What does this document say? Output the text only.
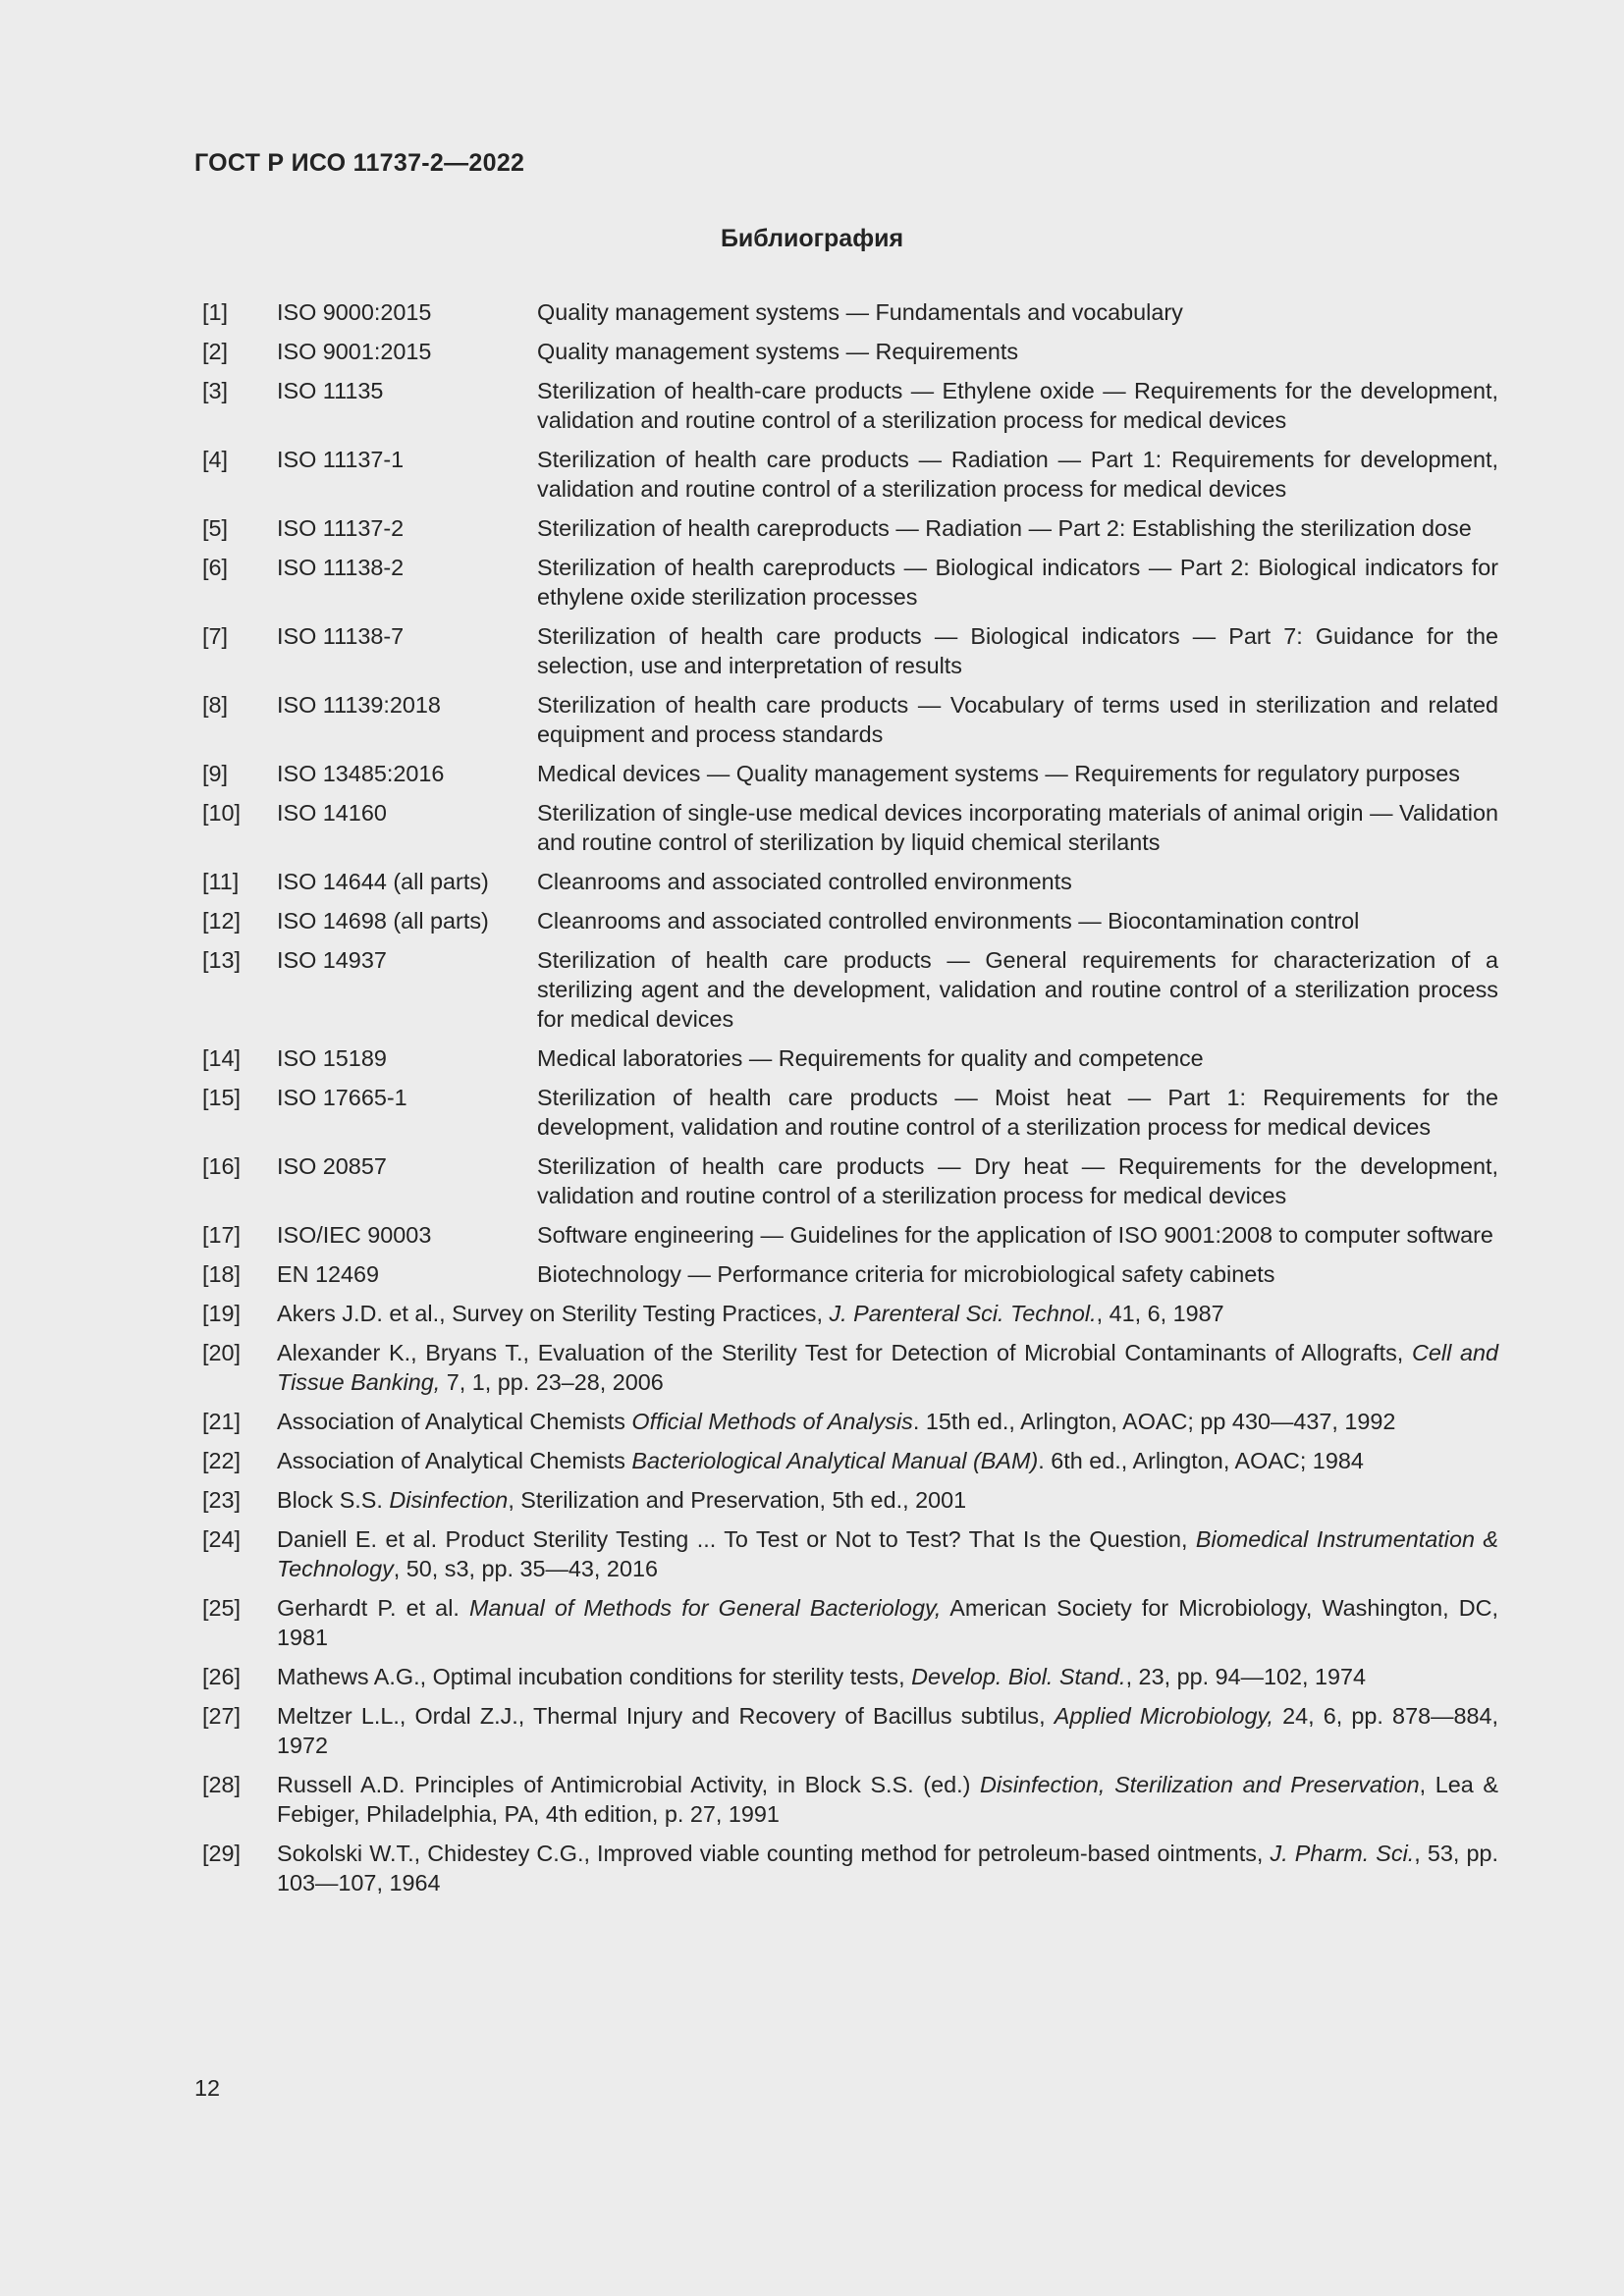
ГОСТ Р ИСО 11737-2—2022
Библиография
[1]	ISO 9000:2015	Quality management systems — Fundamentals and vocabulary
[2]	ISO 9001:2015	Quality management systems — Requirements
[3]	ISO 11135	Sterilization of health-care products — Ethylene oxide — Requirements for the development, validation and routine control of a sterilization process for medical devices
[4]	ISO 11137-1	Sterilization of health care products — Radiation — Part 1: Requirements for development, validation and routine control of a sterilization process for medical devices
[5]	ISO 11137-2	Sterilization of health careproducts — Radiation — Part 2: Establishing the sterilization dose
[6]	ISO 11138-2	Sterilization of health careproducts — Biological indicators — Part 2: Biological indicators for ethylene oxide sterilization processes
[7]	ISO 11138-7	Sterilization of health care products — Biological indicators — Part 7: Guidance for the selection, use and interpretation of results
[8]	ISO 11139:2018	Sterilization of health care products — Vocabulary of terms used in sterilization and related equipment and process standards
[9]	ISO 13485:2016	Medical devices — Quality management systems — Requirements for regulatory purposes
[10]	ISO 14160	Sterilization of single-use medical devices incorporating materials of animal origin — Validation and routine control of sterilization by liquid chemical sterilants
[11]	ISO 14644 (all parts)	Cleanrooms and associated controlled environments
[12]	ISO 14698 (all parts)	Cleanrooms and associated controlled environments — Biocontamination control
[13]	ISO 14937	Sterilization of health care products — General requirements for characterization of a sterilizing agent and the development, validation and routine control of a sterilization process for medical devices
[14]	ISO 15189	Medical laboratories — Requirements for quality and competence
[15]	ISO 17665-1	Sterilization of health care products — Moist heat — Part 1: Requirements for the development, validation and routine control of a sterilization process for medical devices
[16]	ISO 20857	Sterilization of health care products — Dry heat — Requirements for the development, validation and routine control of a sterilization process for medical devices
[17]	ISO/IEC 90003	Software engineering — Guidelines for the application of ISO 9001:2008 to computer software
[18]	EN 12469	Biotechnology — Performance criteria for microbiological safety cabinets
[19]	Akers J.D. et al., Survey on Sterility Testing Practices, J. Parenteral Sci. Technol., 41, 6, 1987
[20]	Alexander K., Bryans T., Evaluation of the Sterility Test for Detection of Microbial Contaminants of Allografts, Cell and Tissue Banking, 7, 1, pp. 23–28, 2006
[21]	Association of Analytical Chemists Official Methods of Analysis. 15th ed., Arlington, AOAC; pp 430—437, 1992
[22]	Association of Analytical Chemists Bacteriological Analytical Manual (BAM). 6th ed., Arlington, AOAC; 1984
[23]	Block S.S. Disinfection, Sterilization and Preservation, 5th ed., 2001
[24]	Daniell E. et al. Product Sterility Testing ... To Test or Not to Test? That Is the Question, Biomedical Instrumentation & Technology, 50, s3, pp. 35—43, 2016
[25]	Gerhardt P. et al. Manual of Methods for General Bacteriology, American Society for Microbiology, Washington, DC, 1981
[26]	Mathews A.G., Optimal incubation conditions for sterility tests, Develop. Biol. Stand., 23, pp. 94—102, 1974
[27]	Meltzer L.L., Ordal Z.J., Thermal Injury and Recovery of Bacillus subtilus, Applied Microbiology, 24, 6, pp. 878—884, 1972
[28]	Russell A.D. Principles of Antimicrobial Activity, in Block S.S. (ed.) Disinfection, Sterilization and Preservation, Lea & Febiger, Philadelphia, PA, 4th edition, p. 27, 1991
[29]	Sokolski W.T., Chidestey C.G., Improved viable counting method for petroleum-based ointments, J. Pharm. Sci., 53, pp. 103—107, 1964
12
